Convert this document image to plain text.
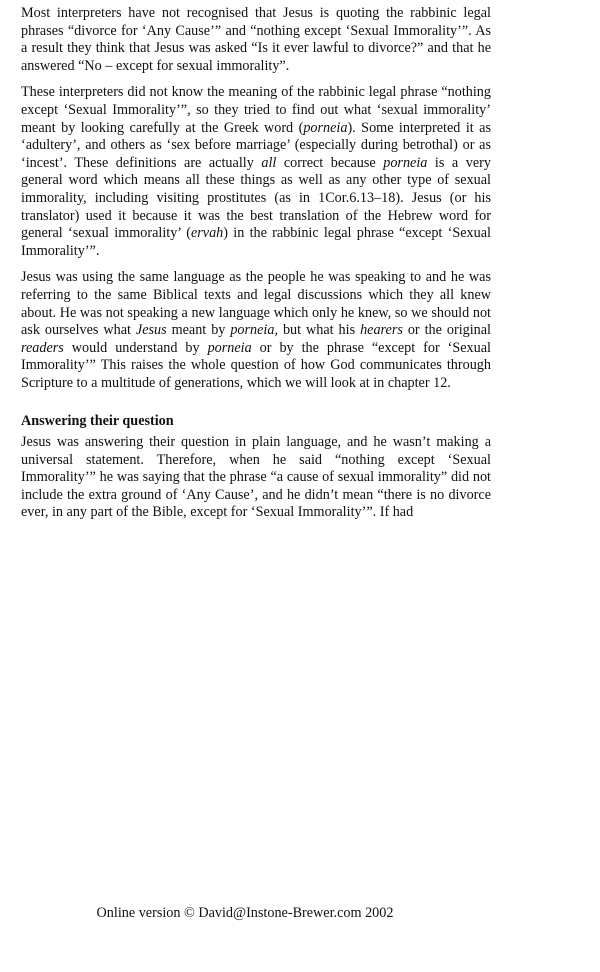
Most interpreters have not recognised that Jesus is quoting the rabbinic legal phrases “divorce for ‘Any Cause’” and “nothing except ‘Sexual Immorality’”. As a result they think that Jesus was asked “Is it ever lawful to divorce?” and that he answered “No – except for sexual immorality”.

These interpreters did not know the meaning of the rabbinic legal phrase “nothing except ‘Sexual Immorality’”, so they tried to find out what ‘sexual immorality’ meant by looking carefully at the Greek word (porneia). Some interpreted it as ‘adultery’, and others as ‘sex before marriage’ (especially during betrothal) or as ‘incest’. These definitions are actually all correct because porneia is a very general word which means all these things as well as any other type of sexual immorality, including visiting prostitutes (as in 1Cor.6.13–18). Jesus (or his translator) used it because it was the best translation of the Hebrew word for general ‘sexual immorality’ (ervah) in the rabbinic legal phrase “except ‘Sexual Immorality’”.

Jesus was using the same language as the people he was speaking to and he was referring to the same Biblical texts and legal discussions which they all knew about. He was not speaking a new language which only he knew, so we should not ask ourselves what Jesus meant by porneia, but what his hearers or the original readers would understand by porneia or by the phrase “except for ‘Sexual Immorality’” This raises the whole question of how God communicates through Scripture to a multitude of generations, which we will look at in chapter 12.

Answering their question

Jesus was answering their question in plain language, and he wasn’t making a universal statement. Therefore, when he said “nothing except ‘Sexual Immorality’” he was saying that the phrase “a cause of sexual immorality” did not include the extra ground of ‘Any Cause’, and he didn’t mean “there is no divorce ever, in any part of the Bible, except for ‘Sexual Immorality’”. If had

Online version © David@Instone-Brewer.com 2002
